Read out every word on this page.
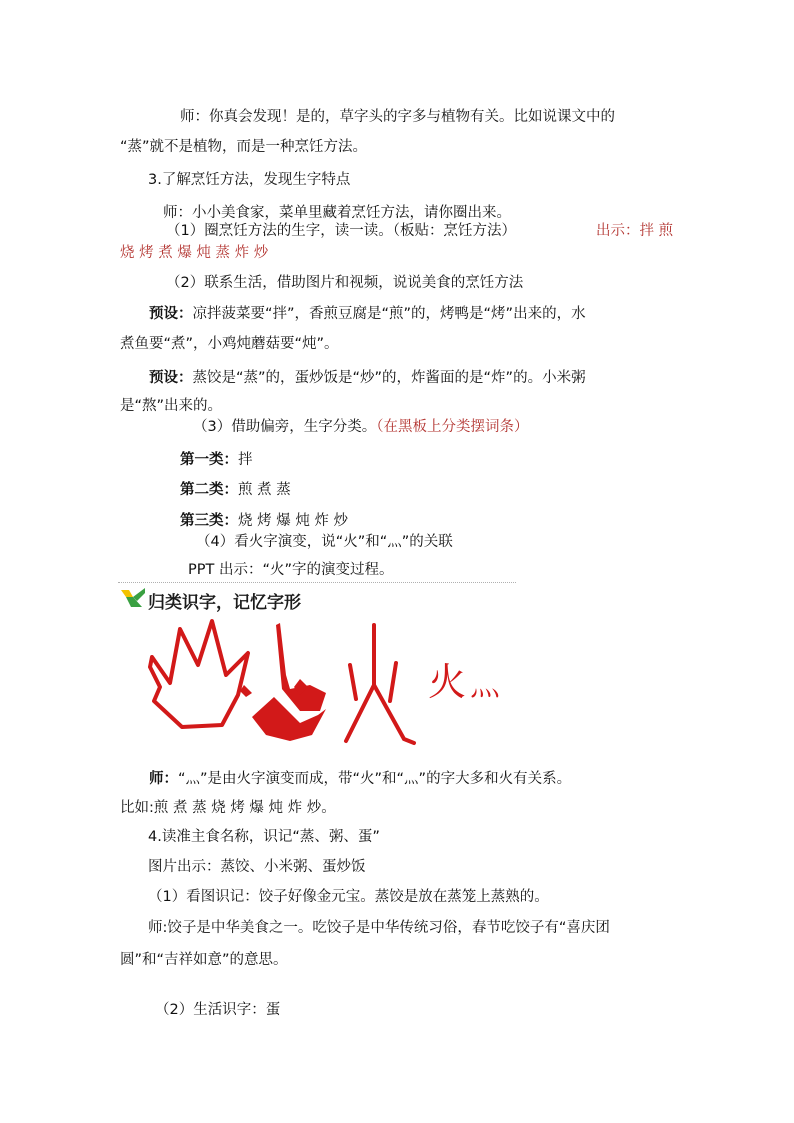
师：你真会发现！是的，草字头的字多与植物有关。比如说课文中的
“蒸”就不是植物，而是一种烹饪方法。
3.了解烹饪方法，发现生字特点
师：小小美食家，菜单里藏着烹饪方法，请你圈出来。
（1）圈烹饪方法的生字，读一读。（板贴：烹饪方法）	出示：拌 煎
烧 烤 煮 爆 炖 蒸 炸 炒
（2）联系生活，借助图片和视频，说说美食的烹饪方法
预设：凉拌菠菜要“拌”，香煎豆腐是“煎”的，烤鸭是“烤”出来的，水
煮鱼要“煮”，小鸡炖蘑菇要“炖”。
预设：蒸饺是“蒸”的，蛋炒饭是“炒”的，炸酱面的是“炸”的。小米粥
是“熬”出来的。
（3）借助偏旁，生字分类。（在黑板上分类摆词条）
第一类：拌
第二类：煎 煮 蒸
第三类：烧 烤 爆 炖 炸 炒
（4）看火字演变，说“火”和“灬”的关联
PPT 出示：“火”字的演变过程。
归类识字，记忆字形
火 灬
师：“灬”是由火字演变而成，带“火”和“灬”的字大多和火有关系。
比如:煎 煮 蒸 烧 烤 爆 炖 炸 炒。
4.读准主食名称，识记“蒸、粥、蛋”
图片出示：蒸饺、小米粥、蛋炒饭
（1）看图识记：饺子好像金元宝。蒸饺是放在蒸笼上蒸熟的。
师:饺子是中华美食之一。吃饺子是中华传统习俗，春节吃饺子有“喜庆团
圆”和“吉祥如意”的意思。
（2）生活识字：蛋
